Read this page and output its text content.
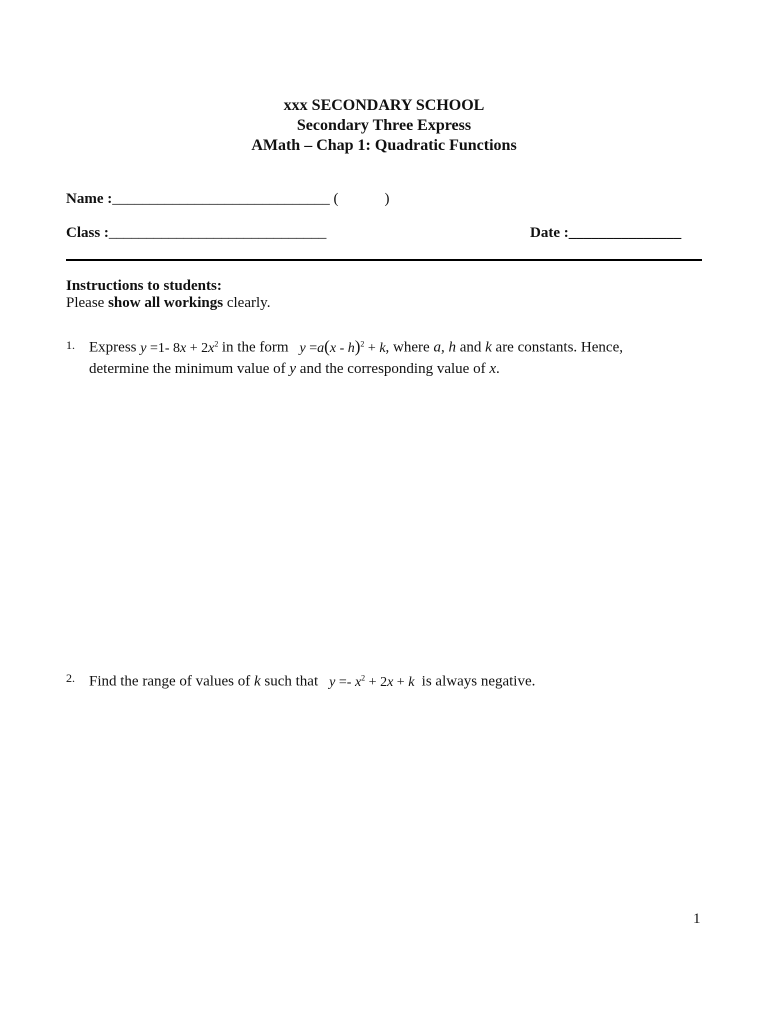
xxx SECONDARY SCHOOL
Secondary Three Express
AMath – Chap 1: Quadratic Functions
Name :_____________________________ (	)
Class :_____________________________	Date :_______________
Instructions to students:
Please show all workings clearly.
1. Express y =1- $8x + 2x^2$ in the form y =a(x - h)$^2$ + k, where a, h and k are constants. Hence,
determine the minimum value of y and the corresponding value of x.
2. Find the range of values of k such that $y =- x^2 + 2x + k$ is always negative.
1
